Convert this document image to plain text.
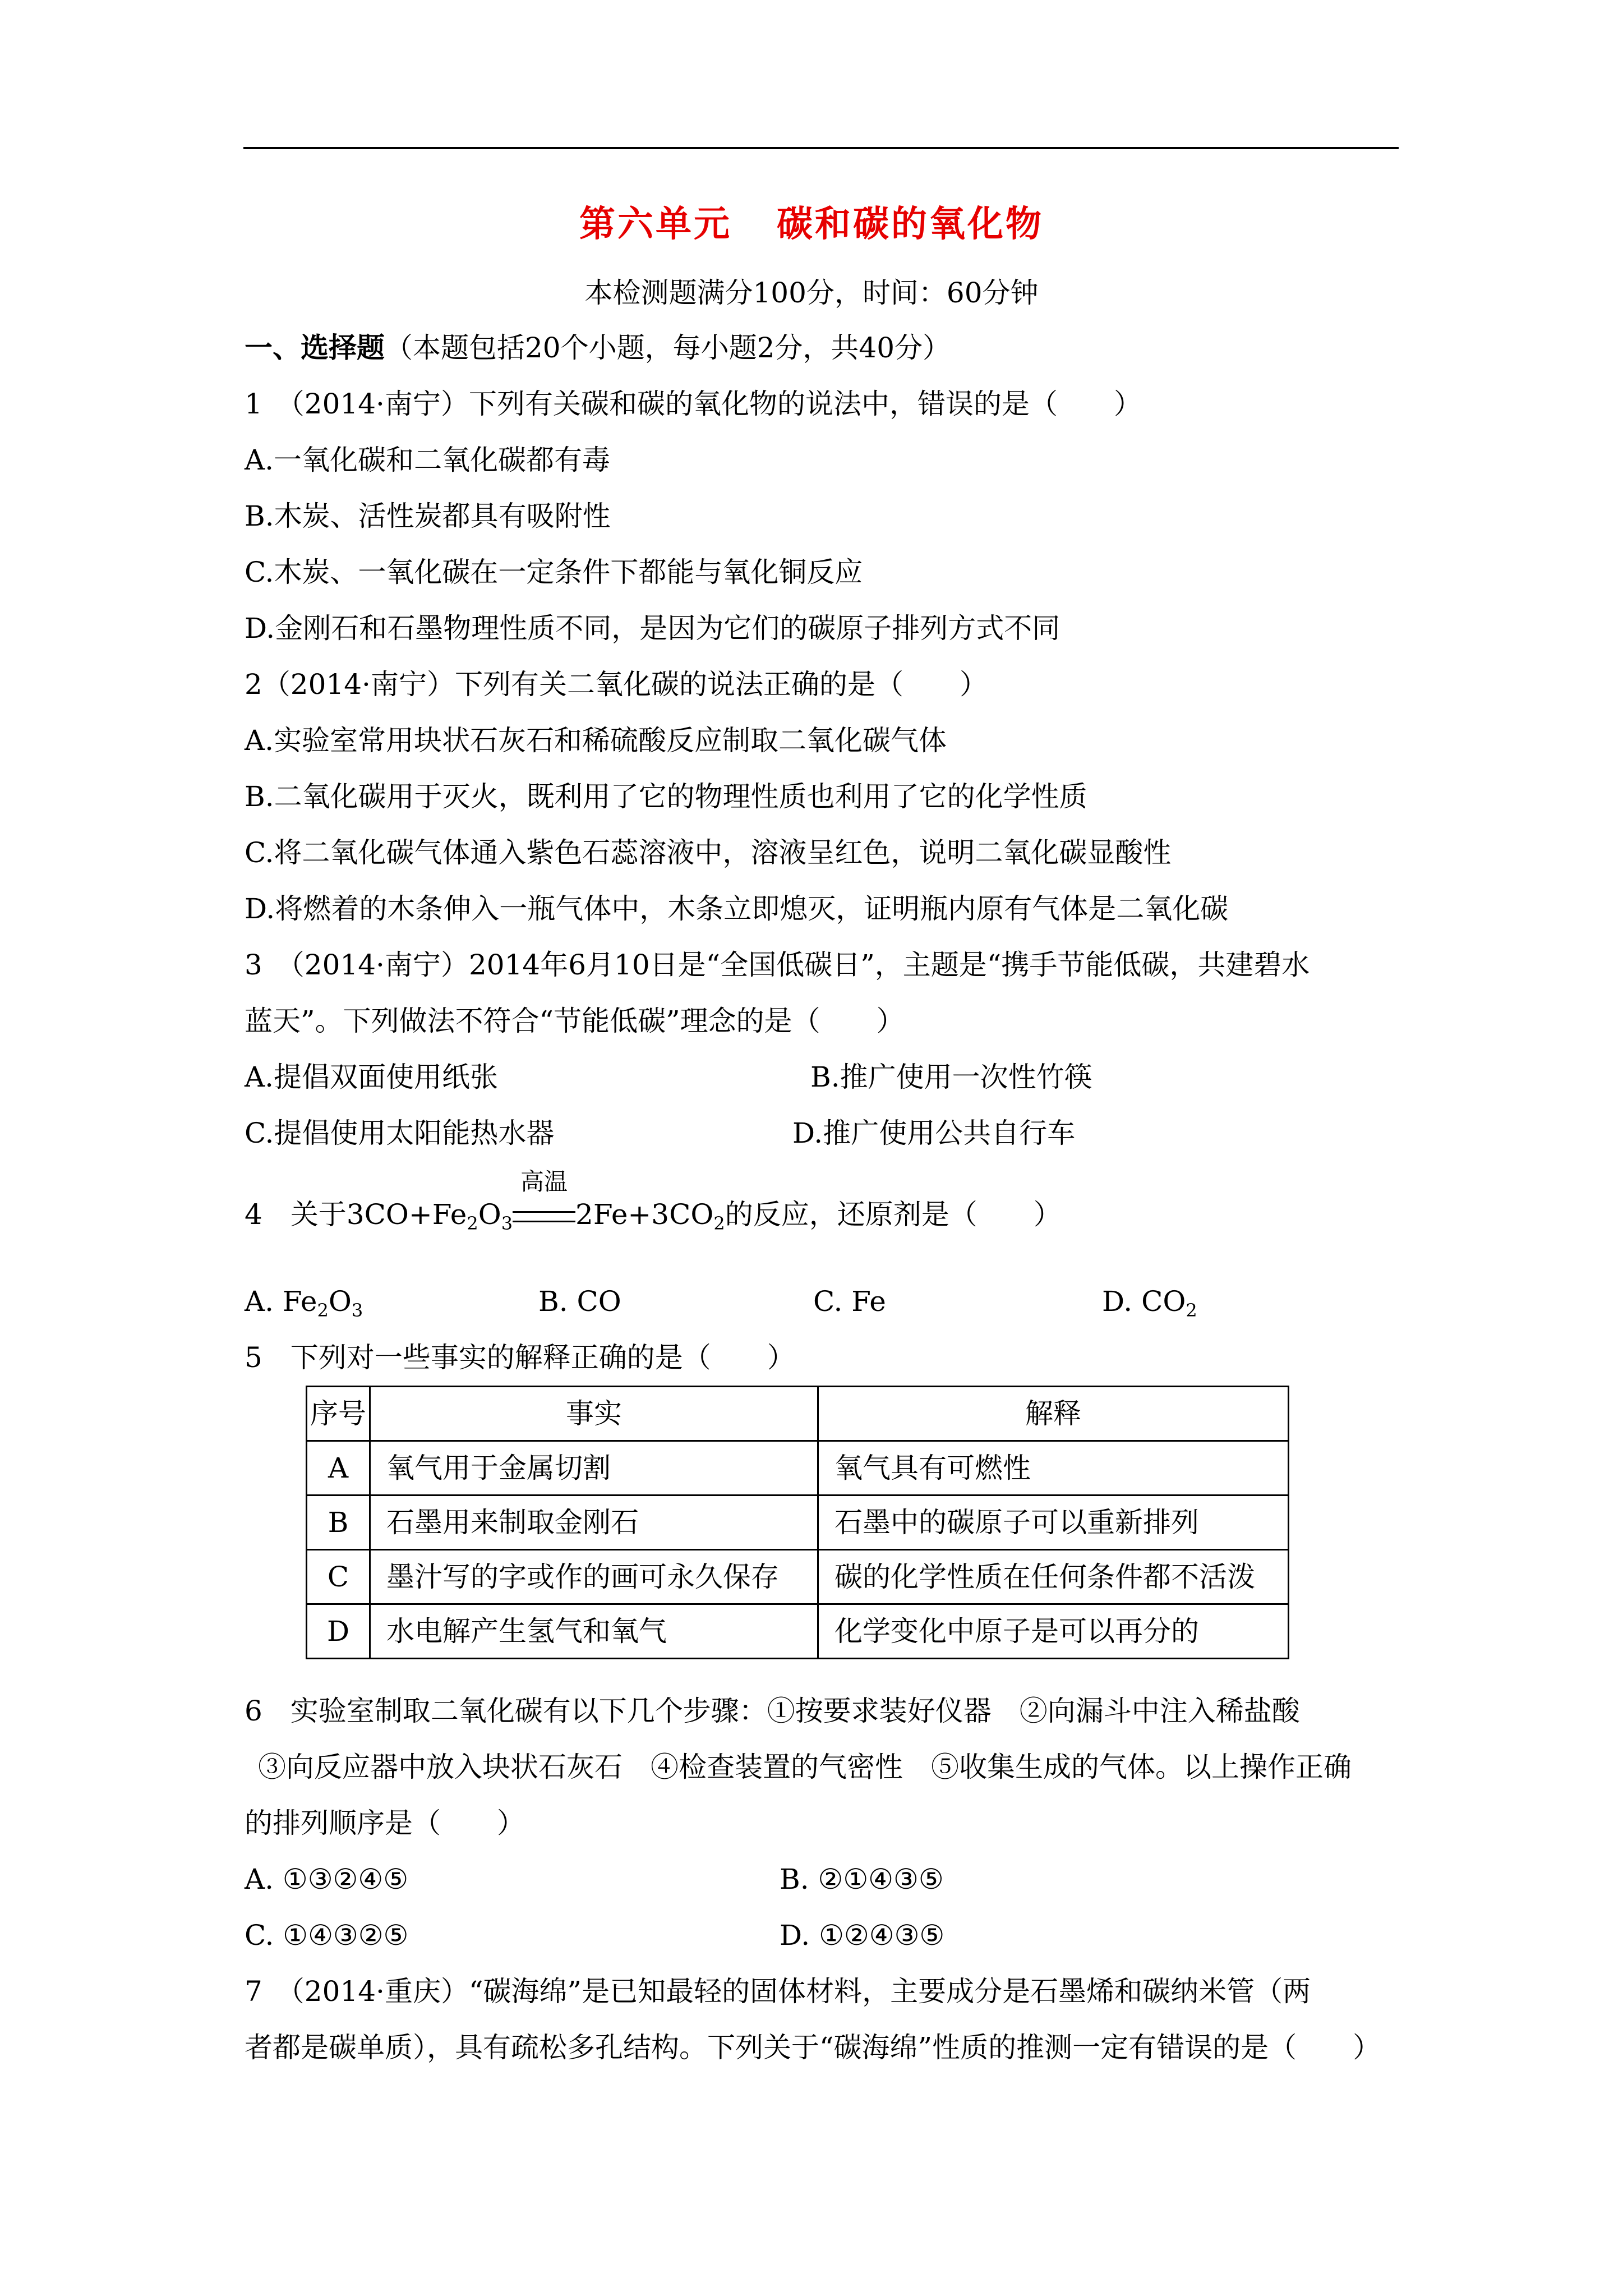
第六单元 碳和碳的氧化物
本检测题满分100分，时间：60分钟
一、选择题（本题包括20个小题，每小题2分，共40分）
1　（2014·南宁）下列有关碳和碳的氧化物的说法中，错误的是（　　）
A.一氧化碳和二氧化碳都有毒
B.木炭、活性炭都具有吸附性
C.木炭、一氧化碳在一定条件下都能与氧化铜反应
D.金刚石和石墨物理性质不同，是因为它们的碳原子排列方式不同
2（2014·南宁）下列有关二氧化碳的说法正确的是（　　）
A.实验室常用块状石灰石和稀硫酸反应制取二氧化碳气体
B.二氧化碳用于灭火，既利用了它的物理性质也利用了它的化学性质
C.将二氧化碳气体通入紫色石蕊溶液中，溶液呈红色，说明二氧化碳显酸性
D.将燃着的木条伸入一瓶气体中，木条立即熄灭，证明瓶内原有气体是二氧化碳
3　（2014·南宁）2014年6月10日是“全国低碳日”，主题是“携手节能低碳，共建碧水
蓝天”。下列做法不符合“节能低碳”理念的是（　　）
A.提倡双面使用纸张	B.推广使用一次性竹筷
C.提倡使用太阳能热水器	D.推广使用公共自行车
4　关于$3CO+Fe_2O_3$
高温
$2Fe+3CO_2$的反应，还原剂是（　　）
A. $Fe_2O_3$	B. CO	C. Fe	D. $CO_2$
5　下列对一些事实的解释正确的是（　　）
序号	事实	解释
A	氧气用于金属切割	氧气具有可燃性
B	石墨用来制取金刚石	石墨中的碳原子可以重新排列
C	墨汁写的字或作的画可永久保存	碳的化学性质在任何条件都不活泼
D	水电解产生氢气和氧气	化学变化中原子是可以再分的
6　实验室制取二氧化碳有以下几个步骤：①按要求装好仪器　②向漏斗中注入稀盐酸
③向反应器中放入块状石灰石　④检查装置的气密性　⑤收集生成的气体。以上操作正确
的排列顺序是（　　）
A. ①③②④⑤	B. ②①④③⑤
C. ①④③②⑤	D. ①②④③⑤
7　（2014·重庆）“碳海绵”是已知最轻的固体材料，主要成分是石墨烯和碳纳米管（两
者都是碳单质），具有疏松多孔结构。下列关于“碳海绵”性质的推测一定有错误的是（　　）
